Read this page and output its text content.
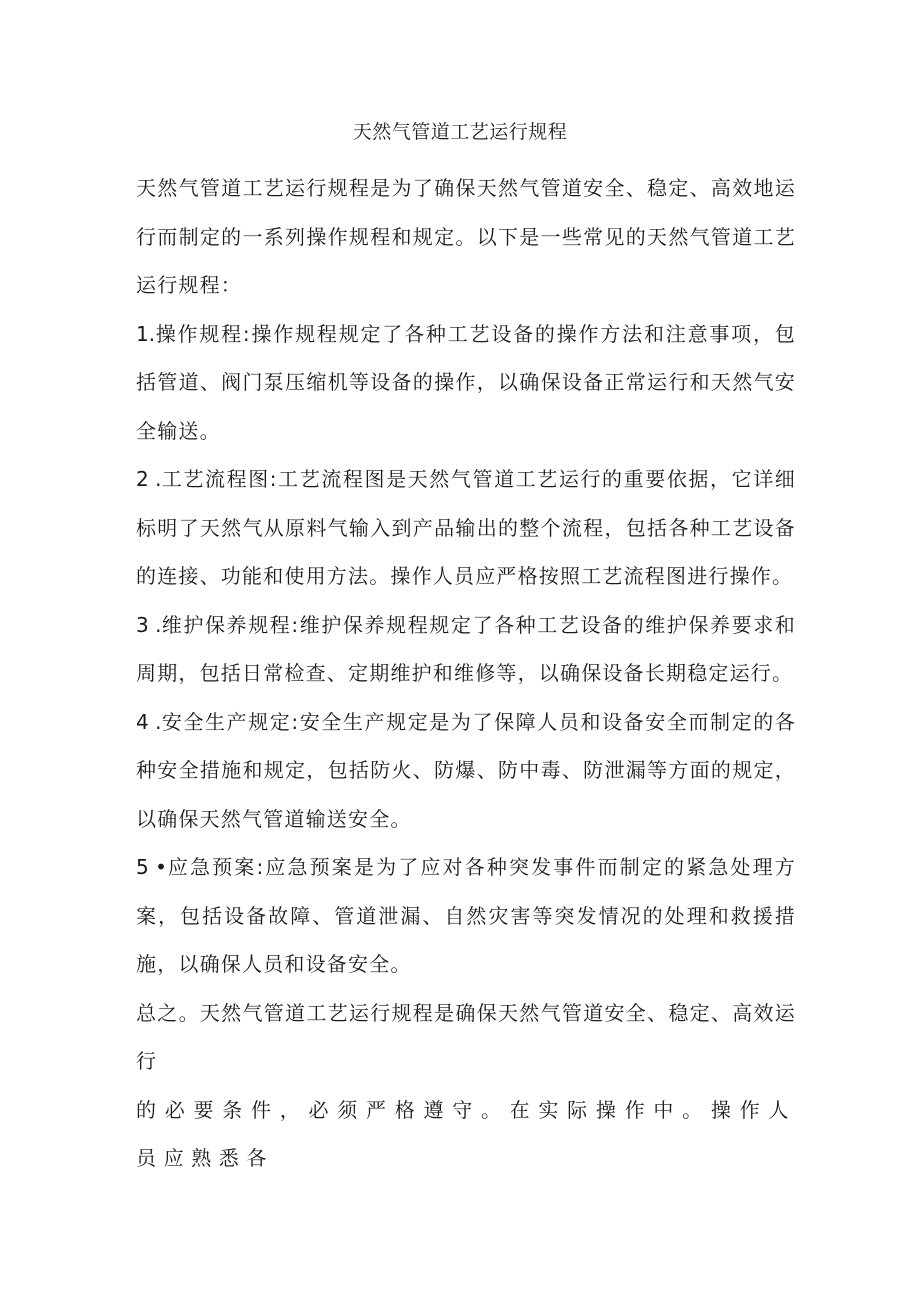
天然气管道工艺运行规程

天然气管道工艺运行规程是为了确保天然气管道安全、稳定、高效地运行而制定的一系列操作规程和规定。以下是一些常见的天然气管道工艺运行规程：

1.操作规程:操作规程规定了各种工艺设备的操作方法和注意事项，包括管道、阀门泵压缩机等设备的操作，以确保设备正常运行和天然气安全输送。

2 .工艺流程图:工艺流程图是天然气管道工艺运行的重要依据，它详细标明了天然气从原料气输入到产品输出的整个流程，包括各种工艺设备的连接、功能和使用方法。操作人员应严格按照工艺流程图进行操作。

3 .维护保养规程:维护保养规程规定了各种工艺设备的维护保养要求和周期，包括日常检查、定期维护和维修等，以确保设备长期稳定运行。

4 .安全生产规定:安全生产规定是为了保障人员和设备安全而制定的各种安全措施和规定，包括防火、防爆、防中毒、防泄漏等方面的规定，以确保天然气管道输送安全。

5 •应急预案:应急预案是为了应对各种突发事件而制定的紧急处理方案，包括设备故障、管道泄漏、自然灾害等突发情况的处理和救援措施，以确保人员和设备安全。

总之。天然气管道工艺运行规程是确保天然气管道安全、稳定、高效运行

的必要条件，必须严格遵守。在实际操作中。操作人员应熟悉各
